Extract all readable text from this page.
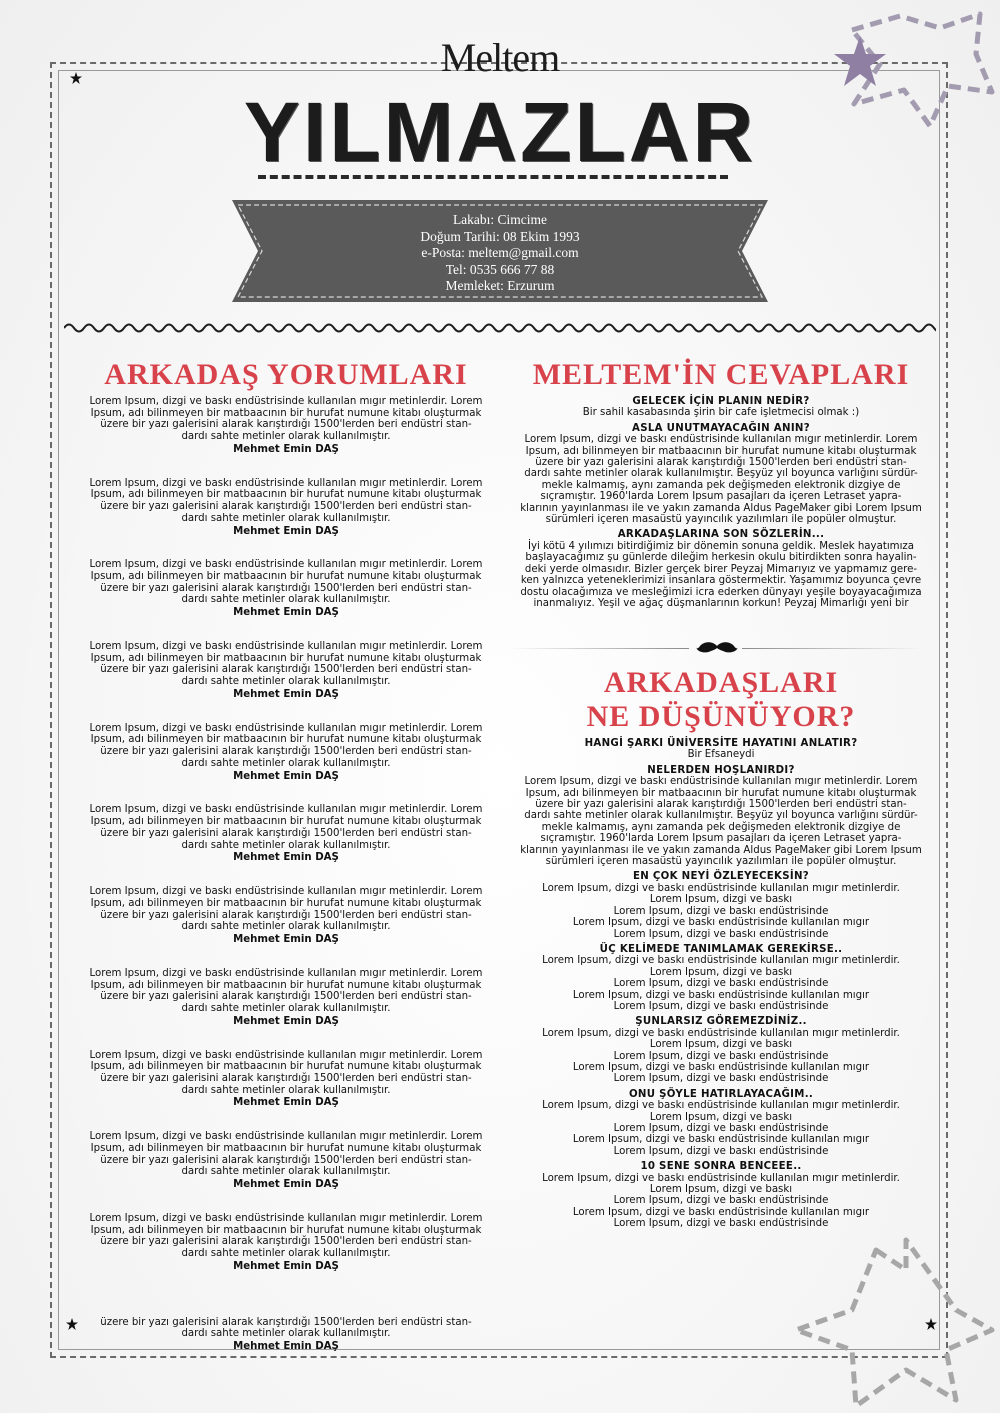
Meltem
YILMAZLAR
Lakabı: Cimcime
Doğum Tarihi: 08 Ekim 1993
e-Posta: meltem@gmail.com
Tel: 0535 666 77 88
Memleket: Erzurum
ARKADAŞ YORUMLARI
Lorem Ipsum, dizgi ve baskı endüstrisinde kullanılan mıgır metinlerdir. Lorem
Ipsum, adı bilinmeyen bir matbaacının bir hurufat numune kitabı oluşturmak
üzere bir yazı galerisini alarak karıştırdığı 1500'lerden beri endüstri stan-
dardı sahte metinler olarak kullanılmıştır.
Mehmet Emin DAŞ
Lorem Ipsum, dizgi ve baskı endüstrisinde kullanılan mıgır metinlerdir. Lorem
Ipsum, adı bilinmeyen bir matbaacının bir hurufat numune kitabı oluşturmak
üzere bir yazı galerisini alarak karıştırdığı 1500'lerden beri endüstri stan-
dardı sahte metinler olarak kullanılmıştır.
Mehmet Emin DAŞ
Lorem Ipsum, dizgi ve baskı endüstrisinde kullanılan mıgır metinlerdir. Lorem
Ipsum, adı bilinmeyen bir matbaacının bir hurufat numune kitabı oluşturmak
üzere bir yazı galerisini alarak karıştırdığı 1500'lerden beri endüstri stan-
dardı sahte metinler olarak kullanılmıştır.
Mehmet Emin DAŞ
Lorem Ipsum, dizgi ve baskı endüstrisinde kullanılan mıgır metinlerdir. Lorem
Ipsum, adı bilinmeyen bir matbaacının bir hurufat numune kitabı oluşturmak
üzere bir yazı galerisini alarak karıştırdığı 1500'lerden beri endüstri stan-
dardı sahte metinler olarak kullanılmıştır.
Mehmet Emin DAŞ
Lorem Ipsum, dizgi ve baskı endüstrisinde kullanılan mıgır metinlerdir. Lorem
Ipsum, adı bilinmeyen bir matbaacının bir hurufat numune kitabı oluşturmak
üzere bir yazı galerisini alarak karıştırdığı 1500'lerden beri endüstri stan-
dardı sahte metinler olarak kullanılmıştır.
Mehmet Emin DAŞ
Lorem Ipsum, dizgi ve baskı endüstrisinde kullanılan mıgır metinlerdir. Lorem
Ipsum, adı bilinmeyen bir matbaacının bir hurufat numune kitabı oluşturmak
üzere bir yazı galerisini alarak karıştırdığı 1500'lerden beri endüstri stan-
dardı sahte metinler olarak kullanılmıştır.
Mehmet Emin DAŞ
Lorem Ipsum, dizgi ve baskı endüstrisinde kullanılan mıgır metinlerdir. Lorem
Ipsum, adı bilinmeyen bir matbaacının bir hurufat numune kitabı oluşturmak
üzere bir yazı galerisini alarak karıştırdığı 1500'lerden beri endüstri stan-
dardı sahte metinler olarak kullanılmıştır.
Mehmet Emin DAŞ
Lorem Ipsum, dizgi ve baskı endüstrisinde kullanılan mıgır metinlerdir. Lorem
Ipsum, adı bilinmeyen bir matbaacının bir hurufat numune kitabı oluşturmak
üzere bir yazı galerisini alarak karıştırdığı 1500'lerden beri endüstri stan-
dardı sahte metinler olarak kullanılmıştır.
Mehmet Emin DAŞ
Lorem Ipsum, dizgi ve baskı endüstrisinde kullanılan mıgır metinlerdir. Lorem
Ipsum, adı bilinmeyen bir matbaacının bir hurufat numune kitabı oluşturmak
üzere bir yazı galerisini alarak karıştırdığı 1500'lerden beri endüstri stan-
dardı sahte metinler olarak kullanılmıştır.
Mehmet Emin DAŞ
Lorem Ipsum, dizgi ve baskı endüstrisinde kullanılan mıgır metinlerdir. Lorem
Ipsum, adı bilinmeyen bir matbaacının bir hurufat numune kitabı oluşturmak
üzere bir yazı galerisini alarak karıştırdığı 1500'lerden beri endüstri stan-
dardı sahte metinler olarak kullanılmıştır.
Mehmet Emin DAŞ
Lorem Ipsum, dizgi ve baskı endüstrisinde kullanılan mıgır metinlerdir. Lorem
Ipsum, adı bilinmeyen bir matbaacının bir hurufat numune kitabı oluşturmak
üzere bir yazı galerisini alarak karıştırdığı 1500'lerden beri endüstri stan-
dardı sahte metinler olarak kullanılmıştır.
Mehmet Emin DAŞ
üzere bir yazı galerisini alarak karıştırdığı 1500'lerden beri endüstri stan-
dardı sahte metinler olarak kullanılmıştır.
Mehmet Emin DAŞ
MELTEM'İN CEVAPLARI
GELECEK İÇİN PLANIN NEDİR?
Bir sahil kasabasında şirin bir cafe işletmecisi olmak :)
ASLA UNUTMAYACAĞIN ANIN?
Lorem Ipsum, dizgi ve baskı endüstrisinde kullanılan mıgır metinlerdir. Lorem
Ipsum, adı bilinmeyen bir matbaacının bir hurufat numune kitabı oluşturmak
üzere bir yazı galerisini alarak karıştırdığı 1500'lerden beri endüstri stan-
dardı sahte metinler olarak kullanılmıştır. Beşyüz yıl boyunca varlığını sürdür-
mekle kalmamış, aynı zamanda pek değişmeden elektronik dizgiye de
sıçramıştır. 1960'larda Lorem Ipsum pasajları da içeren Letraset yapra-
klarının yayınlanması ile ve yakın zamanda Aldus PageMaker gibi Lorem Ipsum
sürümleri içeren masaüstü yayıncılık yazılımları ile popüler olmuştur.
ARKADAŞLARINA SON SÖZLERİN...
İyi kötü 4 yılımızı bitirdiğimiz bir dönemin sonuna geldik. Meslek hayatımıza
başlayacağımız şu günlerde dileğim herkesin okulu bitirdikten sonra hayalin-
deki yerde olmasıdır. Bizler gerçek birer Peyzaj Mimarıyız ve yapmamız gere-
ken yalnızca yeteneklerimizi insanlara göstermektir. Yaşamımız boyunca çevre
dostu olacağımıza ve mesleğimizi icra ederken dünyayı yeşile boyayacağımıza
inanmalıyız. Yeşil ve ağaç düşmanlarının korkun! Peyzaj Mimarlığı yeni bir
ARKADAŞLARI
NE DÜŞÜNÜYOR?
HANGİ ŞARKI ÜNİVERSİTE HAYATINI ANLATIR?
Bir Efsaneydi
NELERDEN HOŞLANIRDI?
Lorem Ipsum, dizgi ve baskı endüstrisinde kullanılan mıgır metinlerdir. Lorem
Ipsum, adı bilinmeyen bir matbaacının bir hurufat numune kitabı oluşturmak
üzere bir yazı galerisini alarak karıştırdığı 1500'lerden beri endüstri stan-
dardı sahte metinler olarak kullanılmıştır. Beşyüz yıl boyunca varlığını sürdür-
mekle kalmamış, aynı zamanda pek değişmeden elektronik dizgiye de
sıçramıştır. 1960'larda Lorem Ipsum pasajları da içeren Letraset yapra-
klarının yayınlanması ile ve yakın zamanda Aldus PageMaker gibi Lorem Ipsum
sürümleri içeren masaüstü yayıncılık yazılımları ile popüler olmuştur.
EN ÇOK NEYİ ÖZLEYECEKSİN?
Lorem Ipsum, dizgi ve baskı endüstrisinde kullanılan mıgır metinlerdir.
Lorem Ipsum, dizgi ve baskı
Lorem Ipsum, dizgi ve baskı endüstrisinde
Lorem Ipsum, dizgi ve baskı endüstrisinde kullanılan mıgır
Lorem Ipsum, dizgi ve baskı endüstrisinde
ÜÇ KELİMEDE TANIMLAMAK GEREKİRSE..
Lorem Ipsum, dizgi ve baskı endüstrisinde kullanılan mıgır metinlerdir.
Lorem Ipsum, dizgi ve baskı
Lorem Ipsum, dizgi ve baskı endüstrisinde
Lorem Ipsum, dizgi ve baskı endüstrisinde kullanılan mıgır
Lorem Ipsum, dizgi ve baskı endüstrisinde
ŞUNLARSIZ GÖREMEZDİNİZ..
Lorem Ipsum, dizgi ve baskı endüstrisinde kullanılan mıgır metinlerdir.
Lorem Ipsum, dizgi ve baskı
Lorem Ipsum, dizgi ve baskı endüstrisinde
Lorem Ipsum, dizgi ve baskı endüstrisinde kullanılan mıgır
Lorem Ipsum, dizgi ve baskı endüstrisinde
ONU ŞÖYLE HATIRLAYACAĞIM..
Lorem Ipsum, dizgi ve baskı endüstrisinde kullanılan mıgır metinlerdir.
Lorem Ipsum, dizgi ve baskı
Lorem Ipsum, dizgi ve baskı endüstrisinde
Lorem Ipsum, dizgi ve baskı endüstrisinde kullanılan mıgır
Lorem Ipsum, dizgi ve baskı endüstrisinde
10 SENE SONRA BENCEEE..
Lorem Ipsum, dizgi ve baskı endüstrisinde kullanılan mıgır metinlerdir.
Lorem Ipsum, dizgi ve baskı
Lorem Ipsum, dizgi ve baskı endüstrisinde
Lorem Ipsum, dizgi ve baskı endüstrisinde kullanılan mıgır
Lorem Ipsum, dizgi ve baskı endüstrisinde
